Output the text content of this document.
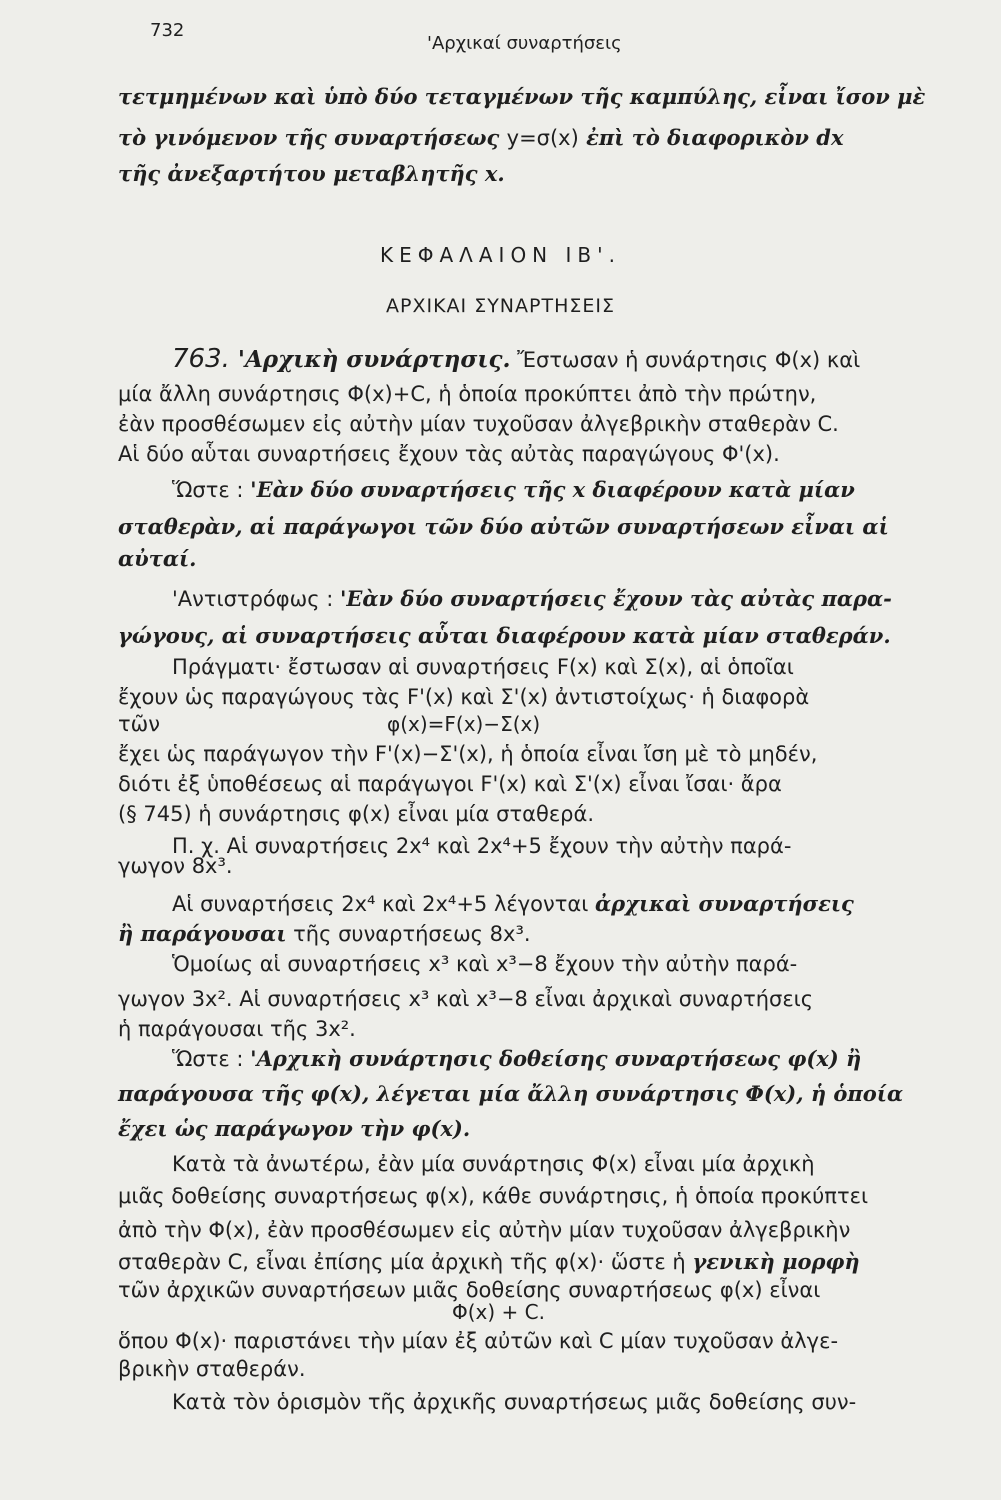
732
'Αρχικαί συναρτήσεις
τετμημένων καὶ ὑπὸ δύο τεταγμένων τῆς καμπύλης, εἶναι ἴσον μὲ
τὸ γινόμενον τῆς συναρτήσεως y=σ(x) ἐπὶ τὸ διαφορικὸν dx
τῆς ἀνεξαρτήτου μεταβλητῆς x.
ΚΕΦΑΛΑΙΟΝ ΙΒ'.
ΑΡΧΙΚΑΙ ΣΥΝΑΡΤΗΣΕΙΣ
763. 'Αρχικὴ συνάρτησις. Ἔστωσαν ἡ συνάρτησις Φ(x) καὶ
μία ἄλλη συνάρτησις Φ(x)+C, ἡ ὁποία προκύπτει ἀπὸ τὴν πρώτην,
ἐὰν προσθέσωμεν εἰς αὐτὴν μίαν τυχοῦσαν ἀλγεβρικὴν σταθερὰν C.
Αἱ δύο αὗται συναρτήσεις ἔχουν τὰς αὐτὰς παραγώγους Φ'(x).
Ὥστε : 'Εὰν δύο συναρτήσεις τῆς x διαφέρουν κατὰ μίαν
σταθερὰν, αἱ παράγωγοι τῶν δύο αὐτῶν συναρτήσεων εἶναι αἱ
αὐταί.
'Αντιστρόφως : 'Εὰν δύο συναρτήσεις ἔχουν τὰς αὐτὰς παρα-
γώγους, αἱ συναρτήσεις αὗται διαφέρουν κατὰ μίαν σταθεράν.
Πράγματι· ἔστωσαν αἱ συναρτήσεις F(x) καὶ Σ(x), αἱ ὁποῖαι
ἔχουν ὡς παραγώγους τὰς F'(x) καὶ Σ'(x) ἀντιστοίχως· ἡ διαφορὰ
τῶν	φ(x)=F(x)−Σ(x)
ἔχει ὡς παράγωγον τὴν F'(x)−Σ'(x), ἡ ὁποία εἶναι ἴση μὲ τὸ μηδέν,
διότι ἐξ ὑποθέσεως αἱ παράγωγοι F'(x) καὶ Σ'(x) εἶναι ἴσαι· ἄρα
(§ 745) ἡ συνάρτησις φ(x) εἶναι μία σταθερά.
Π. χ. Αἱ συναρτήσεις 2x⁴ καὶ 2x⁴+5 ἔχουν τὴν αὐτὴν παρά-
γωγον 8x³.
Αἱ συναρτήσεις 2x⁴ καὶ 2x⁴+5 λέγονται ἀρχικαὶ συναρτήσεις
ἢ παράγουσαι τῆς συναρτήσεως 8x³.
Ὁμοίως αἱ συναρτήσεις x³ καὶ x³−8 ἔχουν τὴν αὐτὴν παρά-
γωγον 3x². Αἱ συναρτήσεις x³ καὶ x³−8 εἶναι ἀρχικαὶ συναρτήσεις
ἡ παράγουσαι τῆς 3x².
Ὥστε : 'Αρχικὴ συνάρτησις δοθείσης συναρτήσεως φ(x) ἢ
παράγουσα τῆς φ(x), λέγεται μία ἄλλη συνάρτησις Φ(x), ἡ ὁποία
ἔχει ὡς παράγωγον τὴν φ(x).
Κατὰ τὰ ἀνωτέρω, ἐὰν μία συνάρτησις Φ(x) εἶναι μία ἀρχικὴ
μιᾶς δοθείσης συναρτήσεως φ(x), κάθε συνάρτησις, ἡ ὁποία προκύπτει
ἀπὸ τὴν Φ(x), ἐὰν προσθέσωμεν εἰς αὐτὴν μίαν τυχοῦσαν ἀλγεβρικὴν
σταθερὰν C, εἶναι ἐπίσης μία ἀρχικὴ τῆς φ(x)· ὥστε ἡ γενικὴ μορφὴ
τῶν ἀρχικῶν συναρτήσεων μιᾶς δοθείσης συναρτήσεως φ(x) εἶναι
Φ(x) + C.
ὅπου Φ(x)· παριστάνει τὴν μίαν ἐξ αὐτῶν καὶ C μίαν τυχοῦσαν ἀλγε-
βρικὴν σταθεράν.
Κατὰ τὸν ὁρισμὸν τῆς ἀρχικῆς συναρτήσεως μιᾶς δοθείσης συν-
